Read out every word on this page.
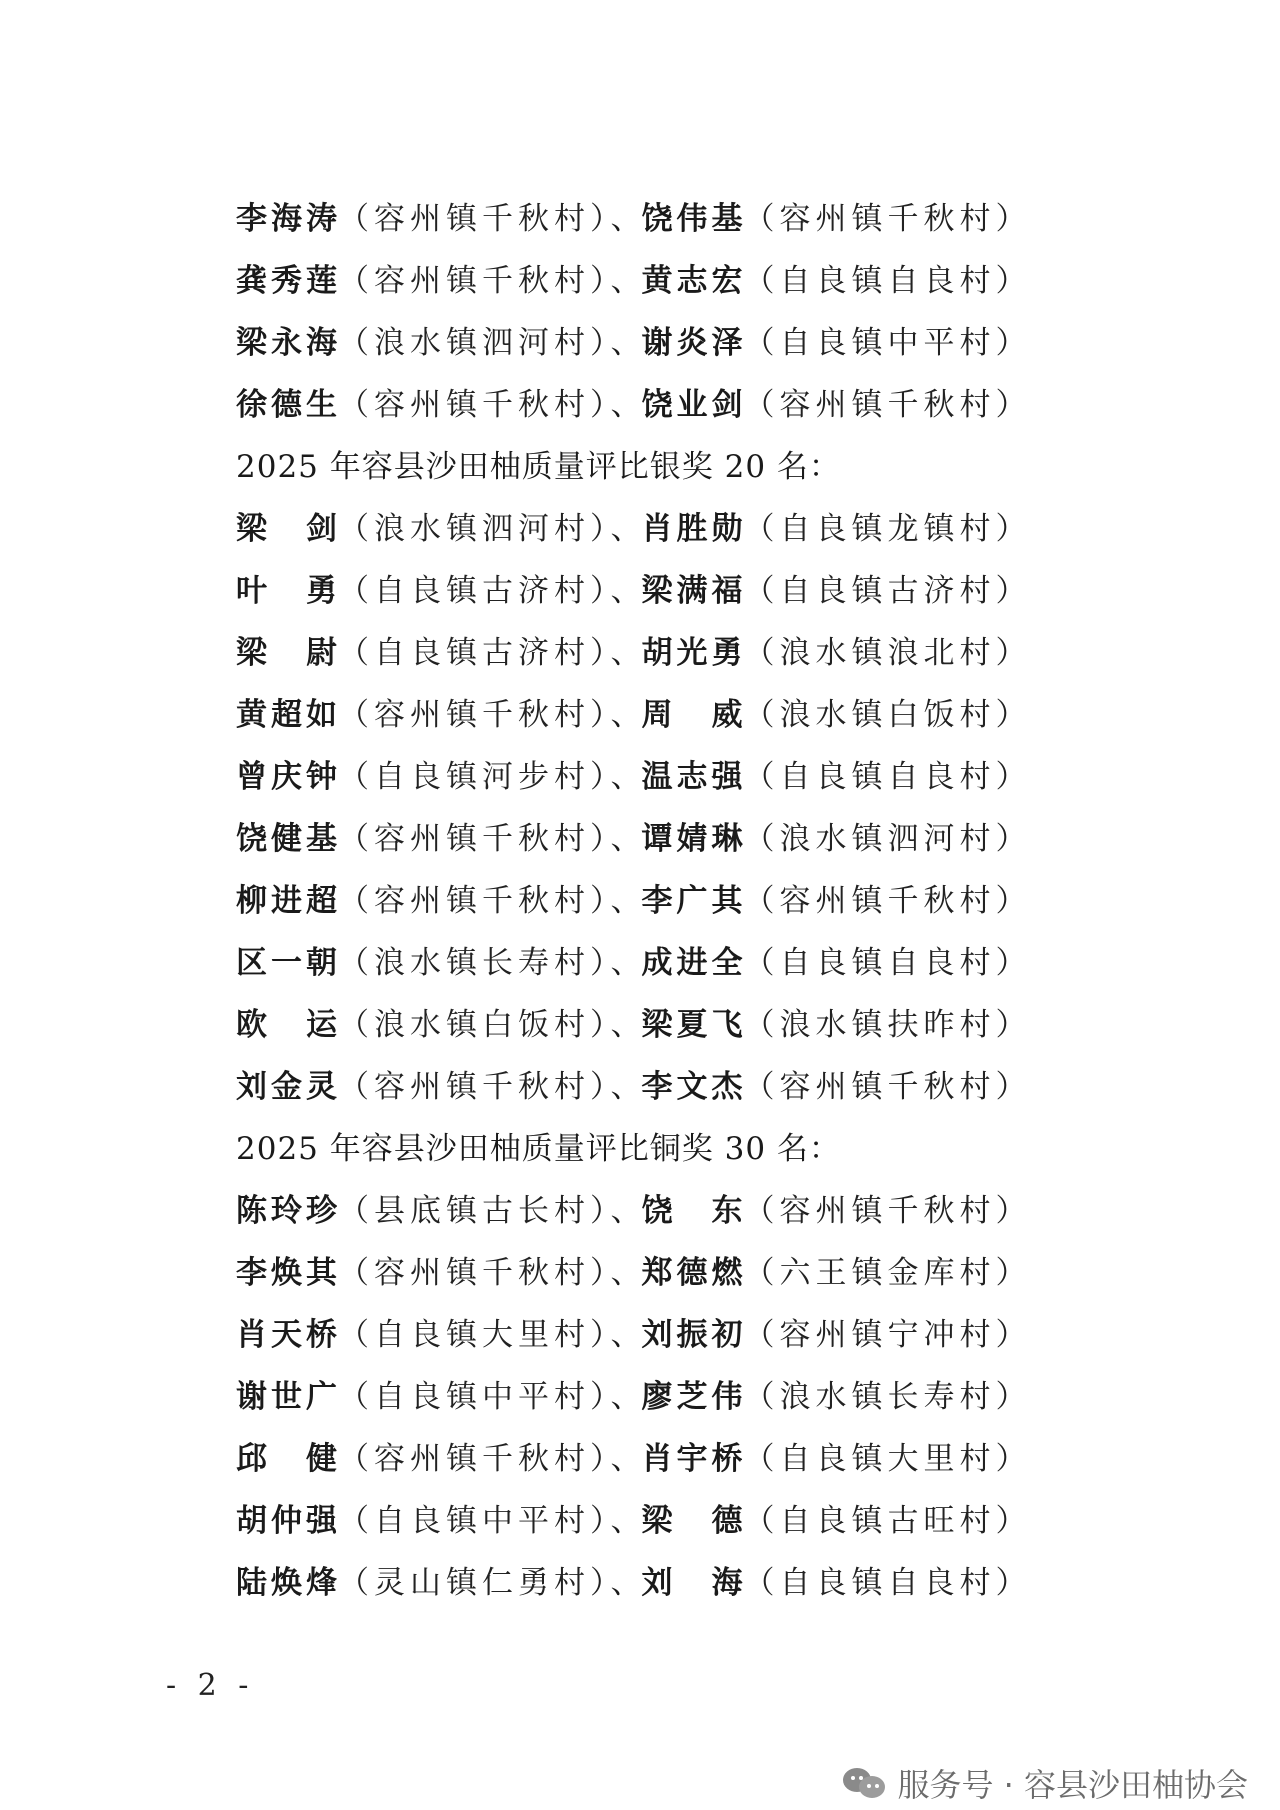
李海涛（容州镇千秋村）、饶伟基（容州镇千秋村）
龚秀莲（容州镇千秋村）、黄志宏（自良镇自良村）
梁永海（浪水镇泗河村）、谢炎泽（自良镇中平村）
徐德生（容州镇千秋村）、饶业剑（容州镇千秋村）
2025 年容县沙田柚质量评比银奖 20 名：
梁　剑（浪水镇泗河村）、肖胜勋（自良镇龙镇村）
叶　勇（自良镇古济村）、梁满福（自良镇古济村）
梁　尉（自良镇古济村）、胡光勇（浪水镇浪北村）
黄超如（容州镇千秋村）、周　威（浪水镇白饭村）
曾庆钟（自良镇河步村）、温志强（自良镇自良村）
饶健基（容州镇千秋村）、谭婧琳（浪水镇泗河村）
柳进超（容州镇千秋村）、李广其（容州镇千秋村）
区一朝（浪水镇长寿村）、成进全（自良镇自良村）
欧　运（浪水镇白饭村）、梁夏飞（浪水镇扶昨村）
刘金灵（容州镇千秋村）、李文杰（容州镇千秋村）
2025 年容县沙田柚质量评比铜奖 30 名：
陈玲珍（县底镇古长村）、饶　东（容州镇千秋村）
李焕其（容州镇千秋村）、郑德燃（六王镇金库村）
肖天桥（自良镇大里村）、刘振初（容州镇宁冲村）
谢世广（自良镇中平村）、廖芝伟（浪水镇长寿村）
邱　健（容州镇千秋村）、肖宇桥（自良镇大里村）
胡仲强（自良镇中平村）、梁　德（自良镇古旺村）
陆焕烽（灵山镇仁勇村）、刘　海（自良镇自良村）
- 2 -
服务号 · 容县沙田柚协会
